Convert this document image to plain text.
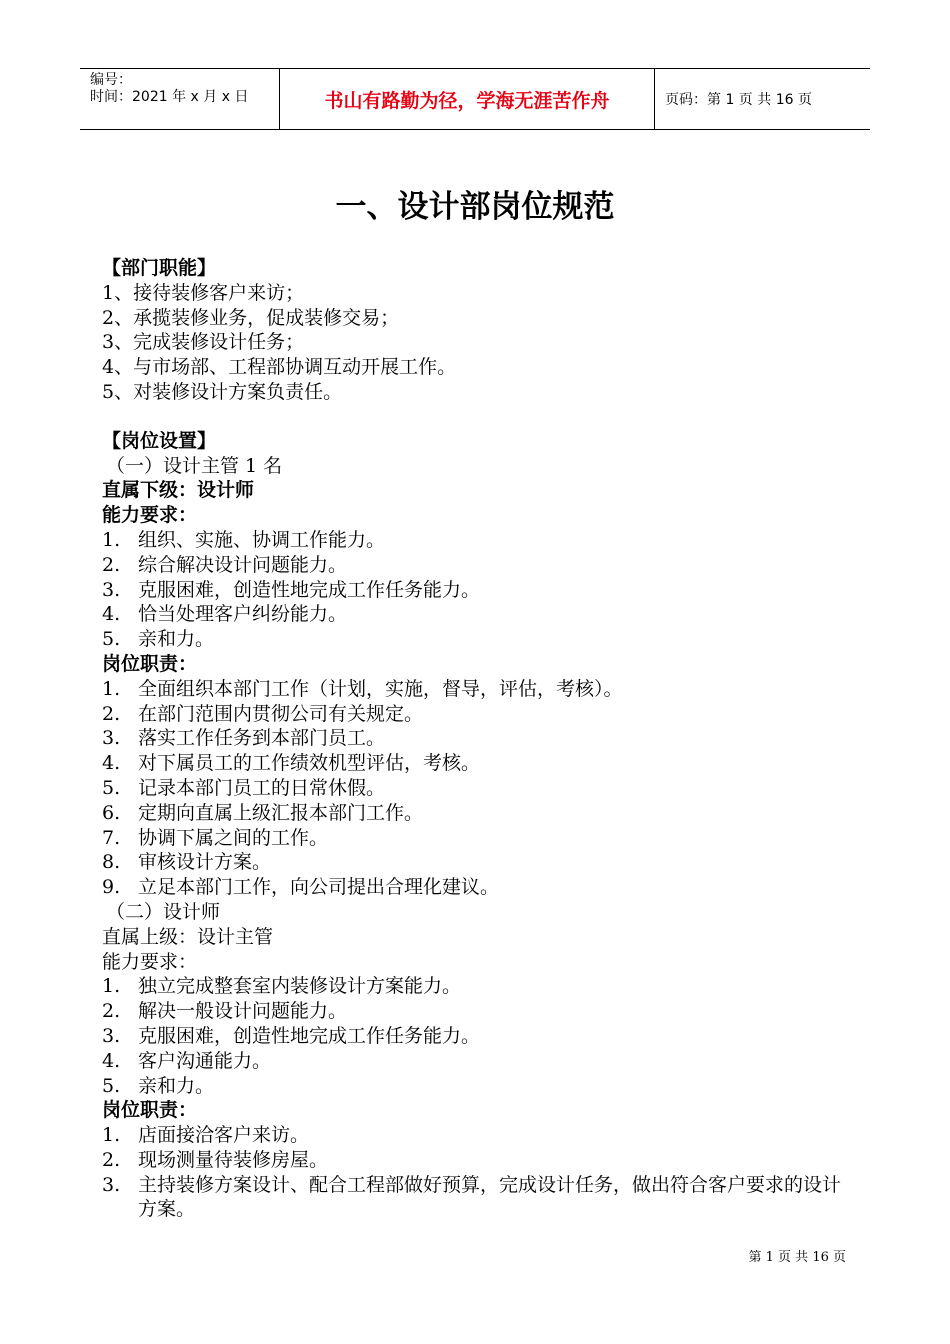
编号：
时间：2021 年 x 月 x 日	书山有路勤为径，学海无涯苦作舟	页码：第 1 页 共 16 页
一、设计部岗位规范
【部门职能】
1、接待装修客户来访；
2、承揽装修业务，促成装修交易；
3、完成装修设计任务；
4、与市场部、工程部协调互动开展工作。
5、对装修设计方案负责任。
【岗位设置】
（一）设计主管 1 名
直属下级：设计师
能力要求：
1. 组织、实施、协调工作能力。
2. 综合解决设计问题能力。
3. 克服困难，创造性地完成工作任务能力。
4. 恰当处理客户纠纷能力。
5. 亲和力。
岗位职责：
1. 全面组织本部门工作（计划，实施，督导，评估，考核）。
2. 在部门范围内贯彻公司有关规定。
3. 落实工作任务到本部门员工。
4. 对下属员工的工作绩效机型评估，考核。
5. 记录本部门员工的日常休假。
6. 定期向直属上级汇报本部门工作。
7. 协调下属之间的工作。
8. 审核设计方案。
9. 立足本部门工作，向公司提出合理化建议。
（二）设计师
直属上级：设计主管
能力要求：
1. 独立完成整套室内装修设计方案能力。
2. 解决一般设计问题能力。
3. 克服困难，创造性地完成工作任务能力。
4. 客户沟通能力。
5. 亲和力。
岗位职责：
1. 店面接洽客户来访。
2. 现场测量待装修房屋。
3. 主持装修方案设计、配合工程部做好预算，完成设计任务，做出符合客户要求的设计方案。
第 1 页 共 16 页
